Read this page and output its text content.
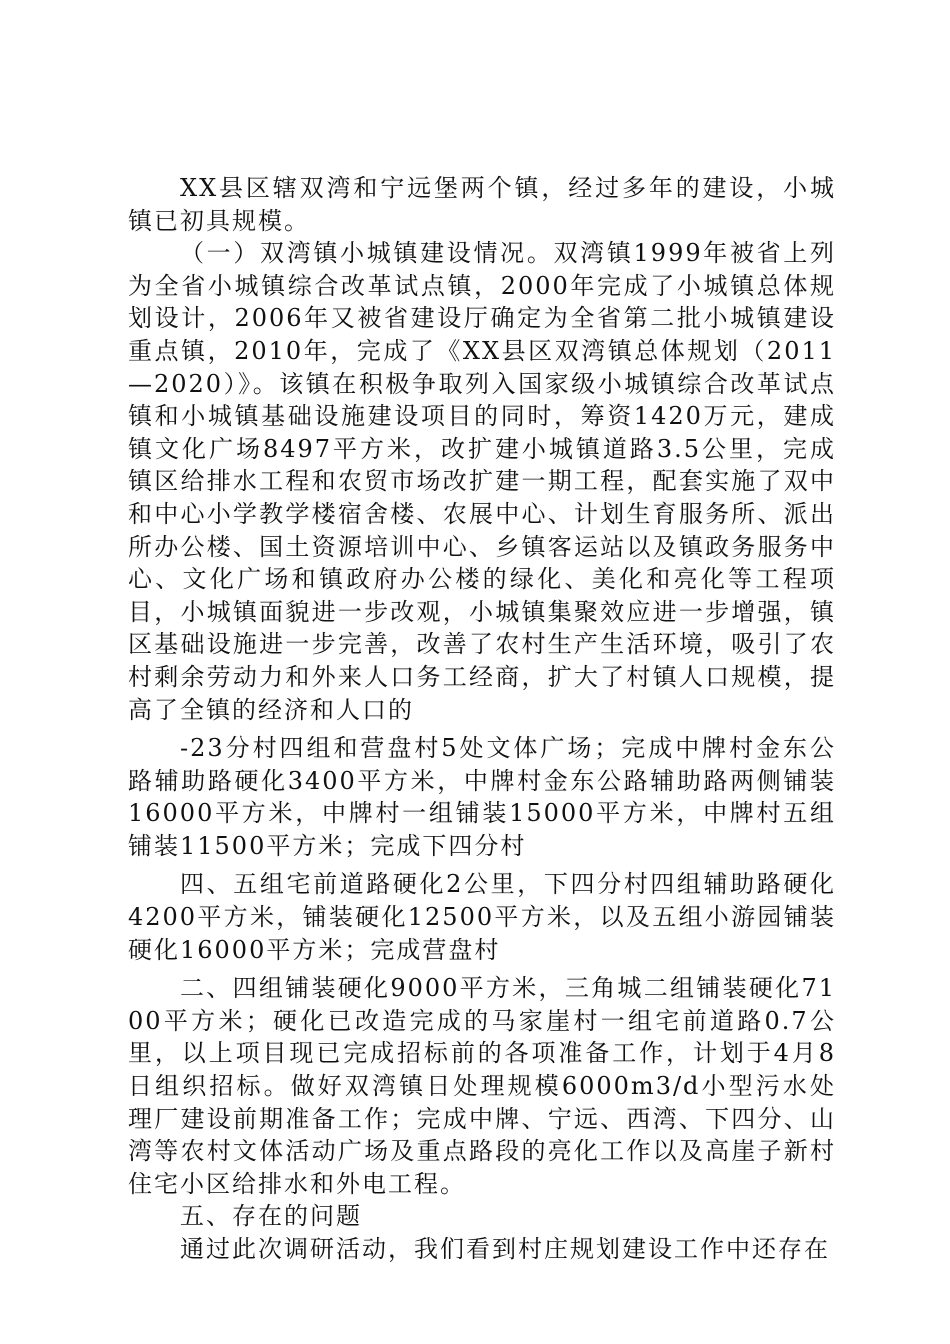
XX县区辖双湾和宁远堡两个镇，经过多年的建设，小城镇已初具规模。

（一）双湾镇小城镇建设情况。双湾镇1999年被省上列为全省小城镇综合改革试点镇，2000年完成了小城镇总体规划设计，2006年又被省建设厅确定为全省第二批小城镇建设重点镇，2010年，完成了《XX县区双湾镇总体规划（2011—2020）》。该镇在积极争取列入国家级小城镇综合改革试点镇和小城镇基础设施建设项目的同时，筹资1420万元，建成镇文化广场8497平方米，改扩建小城镇道路3.5公里，完成镇区给排水工程和农贸市场改扩建一期工程，配套实施了双中和中心小学教学楼宿舍楼、农展中心、计划生育服务所、派出所办公楼、国土资源培训中心、乡镇客运站以及镇政务服务中心、文化广场和镇政府办公楼的绿化、美化和亮化等工程项目，小城镇面貌进一步改观，小城镇集聚效应进一步增强，镇区基础设施进一步完善，改善了农村生产生活环境，吸引了农村剩余劳动力和外来人口务工经商，扩大了村镇人口规模，提高了全镇的经济和人口的

-23分村四组和营盘村5处文体广场；完成中牌村金东公路辅助路硬化3400平方米，中牌村金东公路辅助路两侧铺装16000平方米，中牌村一组铺装15000平方米，中牌村五组铺装11500平方米；完成下四分村

四、五组宅前道路硬化2公里，下四分村四组辅助路硬化4200平方米，铺装硬化12500平方米，以及五组小游园铺装硬化16000平方米；完成营盘村

二、四组铺装硬化9000平方米，三角城二组铺装硬化7100平方米；硬化已改造完成的马家崖村一组宅前道路0.7公里，以上项目现已完成招标前的各项准备工作，计划于4月8日组织招标。做好双湾镇日处理规模6000m3/d小型污水处理厂建设前期准备工作；完成中牌、宁远、西湾、下四分、山湾等农村文体活动广场及重点路段的亮化工作以及高崖子新村住宅小区给排水和外电工程。

五、存在的问题

通过此次调研活动，我们看到村庄规划建设工作中还存在
